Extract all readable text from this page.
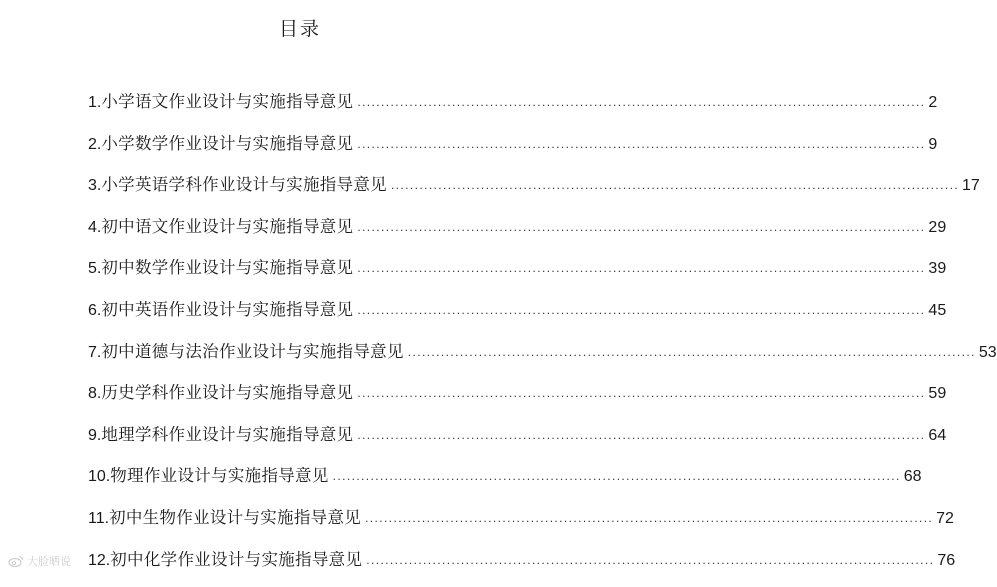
目录
1. 小学语文作业设计与实施指导意见 ........................................................................................................................ 2
2. 小学数学作业设计与实施指导意见 ........................................................................................................................ 9
3. 小学英语学科作业设计与实施指导意见 ........................................................................................................................ 17
4. 初中语文作业设计与实施指导意见 ........................................................................................................................ 29
5. 初中数学作业设计与实施指导意见 ........................................................................................................................ 39
6. 初中英语作业设计与实施指导意见 ........................................................................................................................ 45
7. 初中道德与法治作业设计与实施指导意见 ........................................................................................................................ 53
8. 历史学科作业设计与实施指导意见 ........................................................................................................................ 59
9. 地理学科作业设计与实施指导意见 ........................................................................................................................ 64
10. 物理作业设计与实施指导意见 ........................................................................................................................ 68
11. 初中生物作业设计与实施指导意见 ........................................................................................................................ 72
12. 初中化学作业设计与实施指导意见 ........................................................................................................................ 76
大脸晒说
